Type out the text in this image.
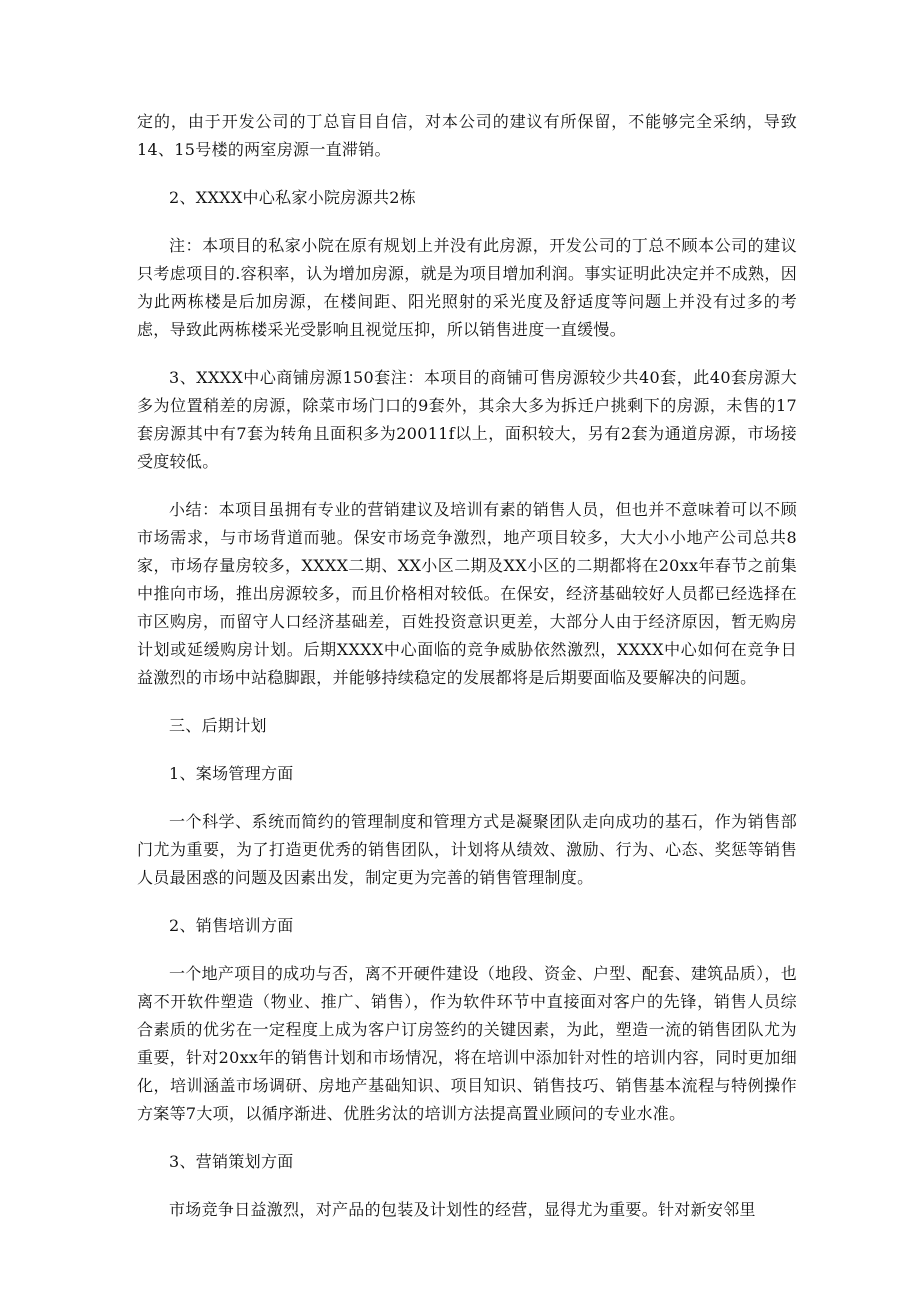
定的，由于开发公司的丁总盲目自信，对本公司的建议有所保留，不能够完全采纳，导致14、15号楼的两室房源一直滞销。

2、XXXX中心私家小院房源共2栋

注：本项目的私家小院在原有规划上并没有此房源，开发公司的丁总不顾本公司的建议只考虑项目的.容积率，认为增加房源，就是为项目增加利润。事实证明此决定并不成熟，因为此两栋楼是后加房源，在楼间距、阳光照射的采光度及舒适度等问题上并没有过多的考虑，导致此两栋楼采光受影响且视觉压抑，所以销售进度一直缓慢。

3、XXXX中心商铺房源150套注：本项目的商铺可售房源较少共40套，此40套房源大多为位置稍差的房源，除菜市场门口的9套外，其余大多为拆迁户挑剩下的房源，未售的17套房源其中有7套为转角且面积多为20011f以上，面积较大，另有2套为通道房源，市场接受度较低。

小结：本项目虽拥有专业的营销建议及培训有素的销售人员，但也并不意味着可以不顾市场需求，与市场背道而驰。保安市场竞争激烈，地产项目较多，大大小小地产公司总共8家，市场存量房较多，XXXX二期、XX小区二期及XX小区的二期都将在20xx年春节之前集中推向市场，推出房源较多，而且价格相对较低。在保安，经济基础较好人员都已经选择在市区购房，而留守人口经济基础差，百姓投资意识更差，大部分人由于经济原因，暂无购房计划或延缓购房计划。后期XXXX中心面临的竞争威胁依然激烈，XXXX中心如何在竞争日益激烈的市场中站稳脚跟，并能够持续稳定的发展都将是后期要面临及要解决的问题。

三、后期计划

1、案场管理方面

一个科学、系统而简约的管理制度和管理方式是凝聚团队走向成功的基石，作为销售部门尤为重要，为了打造更优秀的销售团队，计划将从绩效、激励、行为、心态、奖惩等销售人员最困惑的问题及因素出发，制定更为完善的销售管理制度。

2、销售培训方面

一个地产项目的成功与否，离不开硬件建设（地段、资金、户型、配套、建筑品质），也离不开软件塑造（物业、推广、销售），作为软件环节中直接面对客户的先锋，销售人员综合素质的优劣在一定程度上成为客户订房签约的关键因素，为此，塑造一流的销售团队尤为重要，针对20xx年的销售计划和市场情况，将在培训中添加针对性的培训内容，同时更加细化，培训涵盖市场调研、房地产基础知识、项目知识、销售技巧、销售基本流程与特例操作方案等7大项，以循序渐进、优胜劣汰的培训方法提高置业顾问的专业水准。

3、营销策划方面

市场竞争日益激烈，对产品的包装及计划性的经营，显得尤为重要。针对新安邻里
